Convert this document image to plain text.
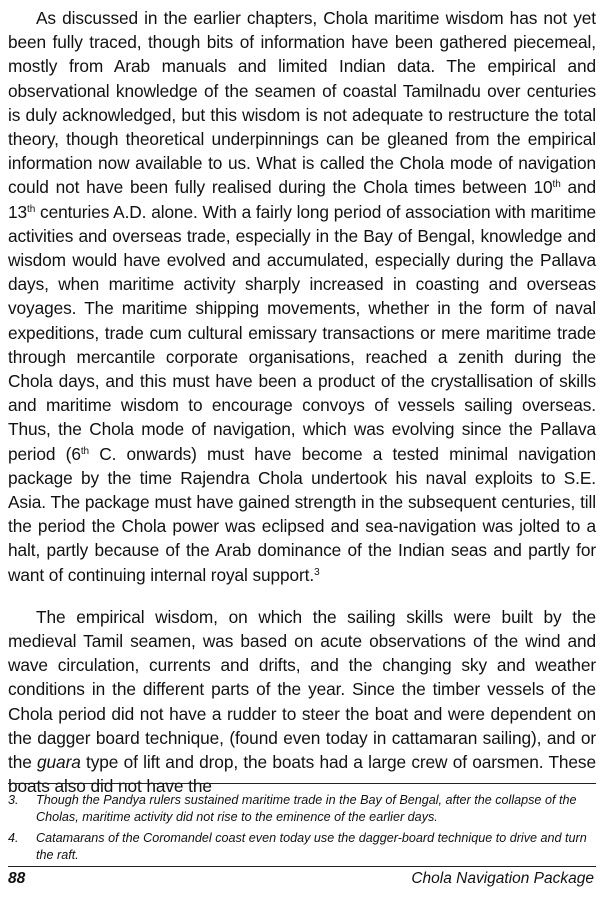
As discussed in the earlier chapters, Chola maritime wisdom has not yet been fully traced, though bits of information have been gathered piecemeal, mostly from Arab manuals and limited Indian data. The empirical and observational knowledge of the seamen of coastal Tamilnadu over centuries is duly acknowledged, but this wisdom is not adequate to restructure the total theory, though theoretical underpinnings can be gleaned from the empirical information now available to us. What is called the Chola mode of navigation could not have been fully realised during the Chola times between 10th and 13th centuries A.D. alone. With a fairly long period of association with maritime activities and overseas trade, especially in the Bay of Bengal, knowledge and wisdom would have evolved and accumulated, especially during the Pallava days, when maritime activity sharply increased in coasting and overseas voyages. The maritime shipping movements, whether in the form of naval expeditions, trade cum cultural emissary transactions or mere maritime trade through mercantile corporate organisations, reached a zenith during the Chola days, and this must have been a product of the crystallisation of skills and maritime wisdom to encourage convoys of vessels sailing overseas. Thus, the Chola mode of navigation, which was evolving since the Pallava period (6th C. onwards) must have become a tested minimal navigation package by the time Rajendra Chola undertook his naval exploits to S.E. Asia. The package must have gained strength in the subsequent centuries, till the period the Chola power was eclipsed and sea-navigation was jolted to a halt, partly because of the Arab dominance of the Indian seas and partly for want of continuing internal royal support.$^3$

The empirical wisdom, on which the sailing skills were built by the medieval Tamil seamen, was based on acute observations of the wind and wave circulation, currents and drifts, and the changing sky and weather conditions in the different parts of the year. Since the timber vessels of the Chola period did not have a rudder to steer the boat and were dependent on the dagger board technique, (found even today in cattamaran sailing), and or the guara type of lift and drop, the boats had a large crew of oarsmen. These boats also did not have the

3. Though the Pandya rulers sustained maritime trade in the Bay of Bengal, after the collapse of the Cholas, maritime activity did not rise to the eminence of the earlier days.
4. Catamarans of the Coromandel coast even today use the dagger-board technique to drive and turn the raft.
88	Chola Navigation Package
